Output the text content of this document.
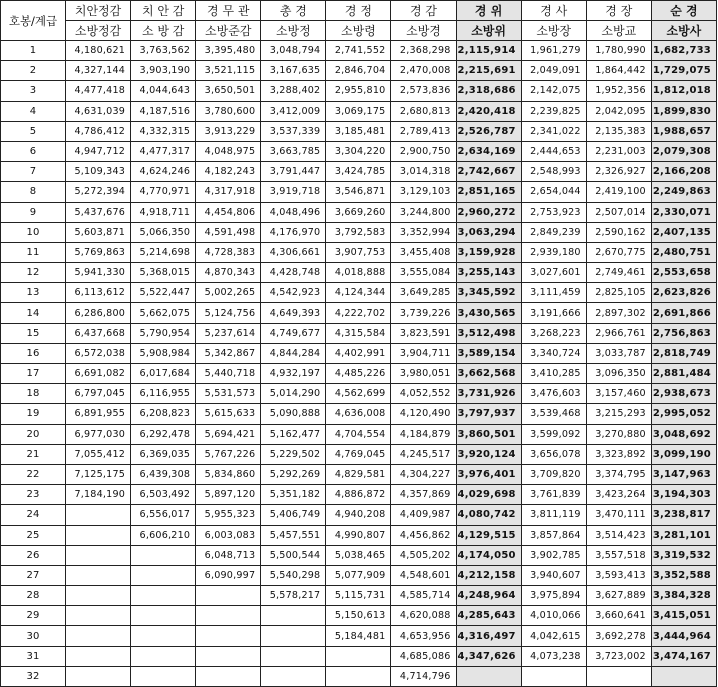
호봉/계급	치안정감	치 안 감	경 무 관	총 경	경 정	경 감	경 위	경 사	경 장	순 경
	소방정감	소 방 감	소방준감	소방정	소방령	소방경	소방위	소방장	소방교	소방사
1	4,180,621	3,763,562	3,395,480	3,048,794	2,741,552	2,368,298	2,115,914	1,961,279	1,780,990	1,682,733
2	4,327,144	3,903,190	3,521,115	3,167,635	2,846,704	2,470,008	2,215,691	2,049,091	1,864,442	1,729,075
3	4,477,418	4,044,643	3,650,501	3,288,402	2,955,810	2,573,836	2,318,686	2,142,075	1,952,356	1,812,018
4	4,631,039	4,187,516	3,780,600	3,412,009	3,069,175	2,680,813	2,420,418	2,239,825	2,042,095	1,899,830
5	4,786,412	4,332,315	3,913,229	3,537,339	3,185,481	2,789,413	2,526,787	2,341,022	2,135,383	1,988,657
6	4,947,712	4,477,317	4,048,975	3,663,785	3,304,220	2,900,750	2,634,169	2,444,653	2,231,003	2,079,308
7	5,109,343	4,624,246	4,182,243	3,791,447	3,424,785	3,014,318	2,742,667	2,548,993	2,326,927	2,166,208
8	5,272,394	4,770,971	4,317,918	3,919,718	3,546,871	3,129,103	2,851,165	2,654,044	2,419,100	2,249,863
9	5,437,676	4,918,711	4,454,806	4,048,496	3,669,260	3,244,800	2,960,272	2,753,923	2,507,014	2,330,071
10	5,603,871	5,066,350	4,591,498	4,176,970	3,792,583	3,352,994	3,063,294	2,849,239	2,590,162	2,407,135
11	5,769,863	5,214,698	4,728,383	4,306,661	3,907,753	3,455,408	3,159,928	2,939,180	2,670,775	2,480,751
12	5,941,330	5,368,015	4,870,343	4,428,748	4,018,888	3,555,084	3,255,143	3,027,601	2,749,461	2,553,658
13	6,113,612	5,522,447	5,002,265	4,542,923	4,124,344	3,649,285	3,345,592	3,111,459	2,825,105	2,623,826
14	6,286,800	5,662,075	5,124,756	4,649,393	4,222,702	3,739,226	3,430,565	3,191,666	2,897,302	2,691,866
15	6,437,668	5,790,954	5,237,614	4,749,677	4,315,584	3,823,591	3,512,498	3,268,223	2,966,761	2,756,863
16	6,572,038	5,908,984	5,342,867	4,844,284	4,402,991	3,904,711	3,589,154	3,340,724	3,033,787	2,818,749
17	6,691,082	6,017,684	5,440,718	4,932,197	4,485,226	3,980,051	3,662,568	3,410,285	3,096,350	2,881,484
18	6,797,045	6,116,955	5,531,573	5,014,290	4,562,699	4,052,552	3,731,926	3,476,603	3,157,460	2,938,673
19	6,891,955	6,208,823	5,615,633	5,090,888	4,636,008	4,120,490	3,797,937	3,539,468	3,215,293	2,995,052
20	6,977,030	6,292,478	5,694,421	5,162,477	4,704,554	4,184,879	3,860,501	3,599,092	3,270,880	3,048,692
21	7,055,412	6,369,035	5,767,226	5,229,502	4,769,045	4,245,517	3,920,124	3,656,078	3,323,892	3,099,190
22	7,125,175	6,439,308	5,834,860	5,292,269	4,829,581	4,304,227	3,976,401	3,709,820	3,374,795	3,147,963
23	7,184,190	6,503,492	5,897,120	5,351,182	4,886,872	4,357,869	4,029,698	3,761,839	3,423,264	3,194,303
24		6,556,017	5,955,323	5,406,749	4,940,208	4,409,987	4,080,742	3,811,119	3,470,111	3,238,817
25		6,606,210	6,003,083	5,457,551	4,990,807	4,456,862	4,129,515	3,857,864	3,514,423	3,281,101
26			6,048,713	5,500,544	5,038,465	4,505,202	4,174,050	3,902,785	3,557,518	3,319,532
27			6,090,997	5,540,298	5,077,909	4,548,601	4,212,158	3,940,607	3,593,413	3,352,588
28				5,578,217	5,115,731	4,585,714	4,248,964	3,975,894	3,627,889	3,384,328
29					5,150,613	4,620,088	4,285,643	4,010,066	3,660,641	3,415,051
30					5,184,481	4,653,956	4,316,497	4,042,615	3,692,278	3,444,964
31						4,685,086	4,347,626	4,073,238	3,723,002	3,474,167
32						4,714,796				
